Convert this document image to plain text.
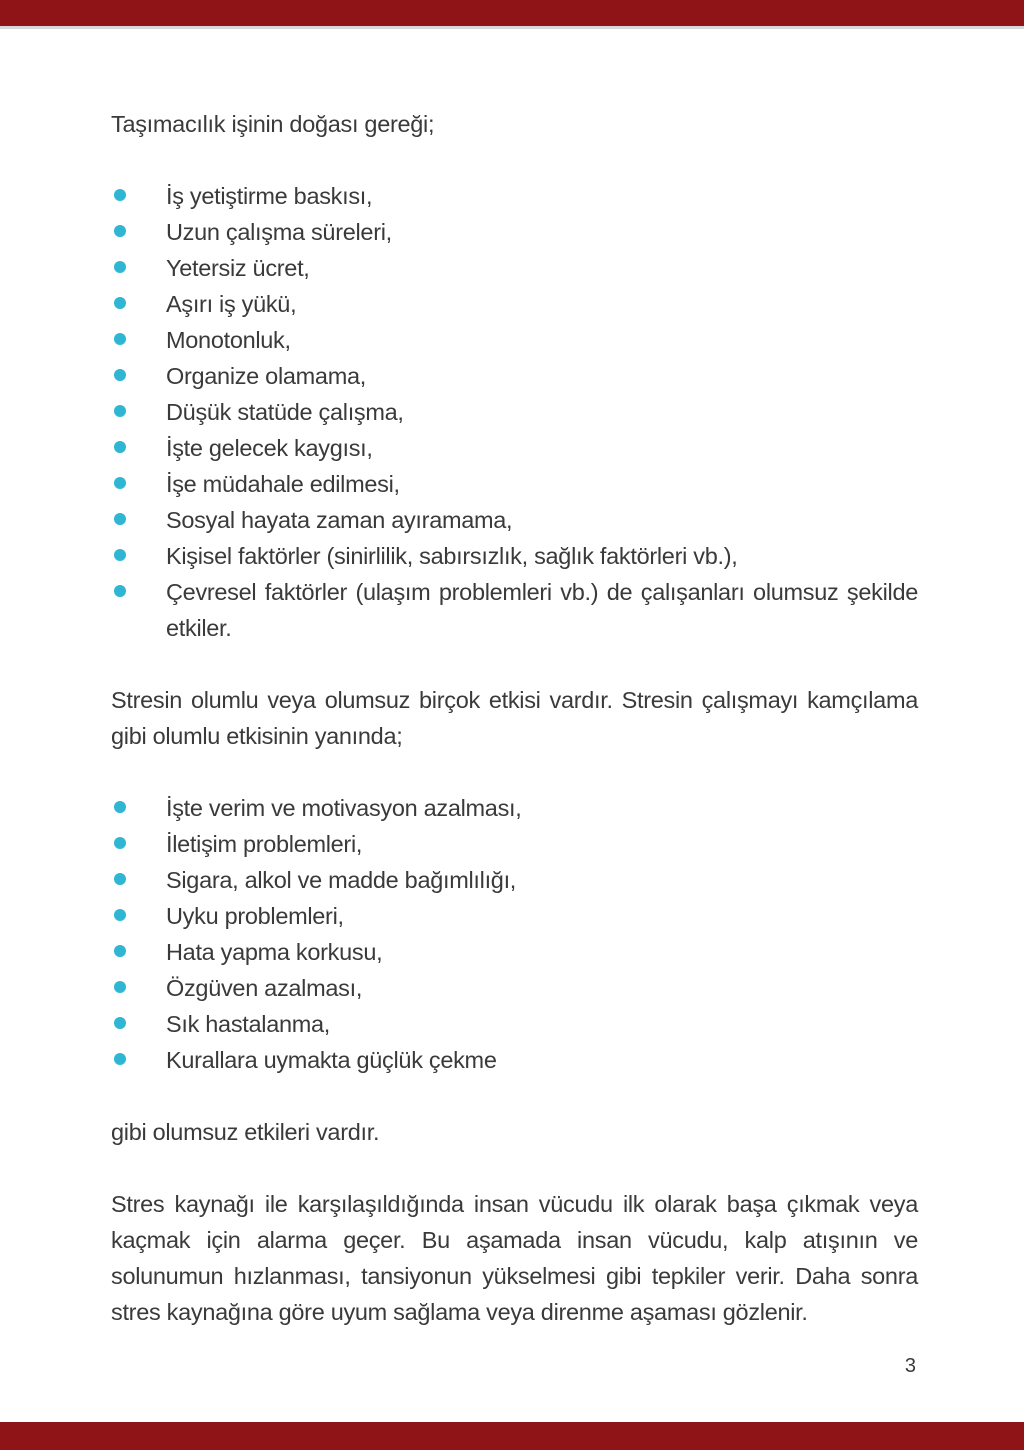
Taşımacılık işinin doğası gereği;

İş yetiştirme baskısı,
Uzun çalışma süreleri,
Yetersiz ücret,
Aşırı iş yükü,
Monotonluk,
Organize olamama,
Düşük statüde çalışma,
İşte gelecek kaygısı,
İşe müdahale edilmesi,
Sosyal hayata zaman ayıramama,
Kişisel faktörler (sinirlilik, sabırsızlık, sağlık faktörleri vb.),
Çevresel faktörler (ulaşım problemleri vb.) de çalışanları olumsuz şekilde etkiler.

Stresin olumlu veya olumsuz birçok etkisi vardır. Stresin çalışmayı kamçılama gibi olumlu etkisinin yanında;

İşte verim ve motivasyon azalması,
İletişim problemleri,
Sigara, alkol ve madde bağımlılığı,
Uyku problemleri,
Hata yapma korkusu,
Özgüven azalması,
Sık hastalanma,
Kurallara uymakta güçlük çekme

gibi olumsuz etkileri vardır.

Stres kaynağı ile karşılaşıldığında insan vücudu ilk olarak başa çıkmak veya kaçmak için alarma geçer. Bu aşamada insan vücudu, kalp atışının ve solunumun hızlanması, tansiyonun yükselmesi gibi tepkiler verir. Daha sonra stres kaynağına göre uyum sağlama veya direnme aşaması gözlenir.

3
